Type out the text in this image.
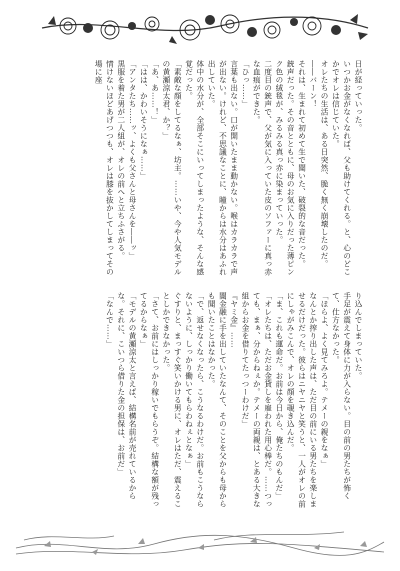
日が経っていった。

いつかお金がなくなれば、父も助けてくれる。と、心のどこかでオレは信じていた。

オレたちの生活は、ある日突然、脆く無く崩壊したのだ。

――バーン！

それは、生まれて初めて生で聞いた、破裂的な音だった。

銃声だった。その音とともに、母のお気に入りだった薄ピンク色の絨毯が、みるみる真っ赤に染まっていった。

二度目の銃声で、父が気に入っていた皮のソファーに真っ赤な血痕ができた。

「ひっ……」

言葉も出ない。口が開いたまま動かない。喉はカラカラで声が出ない。けれど、不思議なことに、瞳からは水分はあふれ出していた。

体中の水分が、全部そこにいってしまったような、そんな感覚だった。

「素敵な顔をしてるなぁ、坊主。……いや、今や人気モデルの黄瀬涼太君、か？」

「あ、あ……！」

「はは、かわいそうになぁ……」

「アンタたち……ッ、よくも父さんと母さんを――ッ」

黒服を着た男が二人組が、オレの前へと立ちふさがる。

情けないほどあげつつも、オレは膝を抜かしてしまってその場に座

り込んでしまっていた。

手足が震えて身体に力が入らない。目の前の男たちが怖くて、仕方なかった。

「ほらよ、よく見てみろよ。テメーの親をなぁ」

なんとか搾り出した声は、ただ目の前にいる男たちを楽しませるだけだった。彼らはニヤニヤと笑うと、一人がオレの前にしゃがみこんで、オレの顔を覗き込んだ。

「ま、これも運命だ。お前は今日から、俺たちのもんだ」

「オレたちは、ただお金貸しを雇われた用心棒だ。……つっても、まぁ、分からねぇか。テメーの両親は、とある大きな組からお金を借りてたっつーわけだ」

『ヤミ金』……

闇金融に手を出していたなんて、そのことを父からも母からも聞いたことはなかった。

「で、返せなくなったら、こうなるわけだ。お前もこうならないように、しっかり働いてもらわねぇとなぁ」

ぐすりと、まっすぐ笑いかける男に、オレはただ、震えることしかできなかった。

「さて、お前にはしっかり稼いでもらうぞ。結構な額が残ってるからなぁ」

「モデルの黄瀬涼太と言えば、結構名前が売れているからな。それに、こいつら借りた金の担保は、お前だ」

「なんで……」
